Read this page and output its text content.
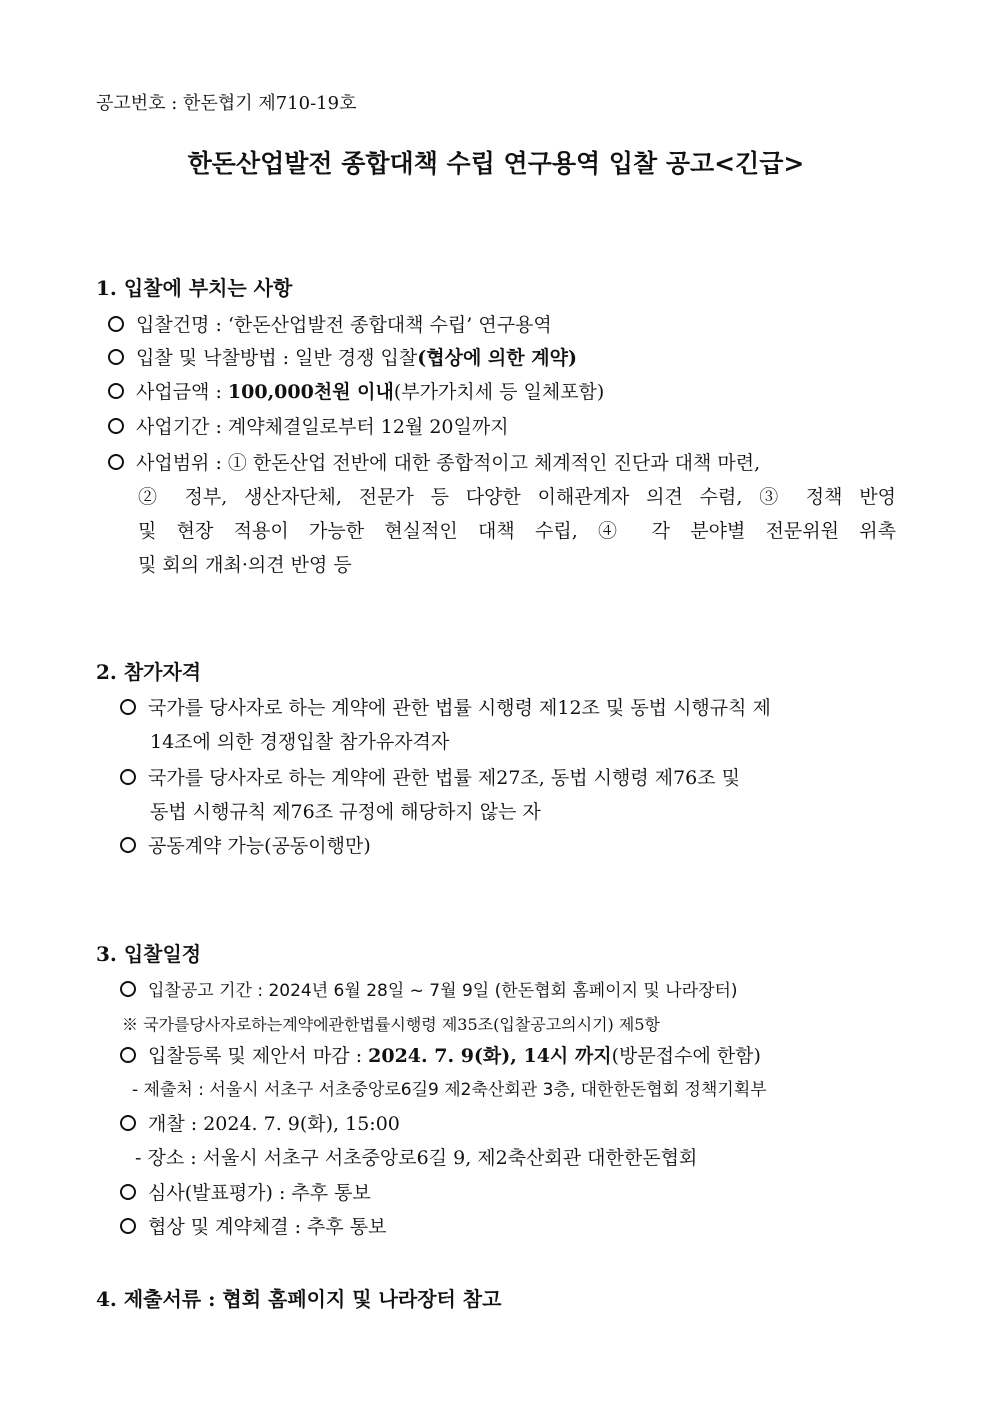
공고번호 : 한돈협기 제710-19호
한돈산업발전 종합대책 수립 연구용역 입찰 공고<긴급>
1. 입찰에 부치는 사항
입찰건명 : ‘한돈산업발전 종합대책 수립’ 연구용역
입찰 및 낙찰방법 : 일반 경쟁 입찰(협상에 의한 계약)
사업금액 : 100,000천원 이내(부가가치세 등 일체포함)
사업기간 : 계약체결일로부터 12월 20일까지
사업범위 : ① 한돈산업 전반에 대한 종합적이고 체계적인 진단과 대책 마련,
② 정부, 생산자단체, 전문가 등 다양한 이해관계자 의견 수렴, ③ 정책 반영
및 현장 적용이 가능한 현실적인 대책 수립, ④ 각 분야별 전문위원 위촉
및 회의 개최·의견 반영 등
2. 참가자격
국가를 당사자로 하는 계약에 관한 법률 시행령 제12조 및 동법 시행규칙 제
14조에 의한 경쟁입찰 참가유자격자
국가를 당사자로 하는 계약에 관한 법률 제27조, 동법 시행령 제76조 및
동법 시행규칙 제76조 규정에 해당하지 않는 자
공동계약 가능(공동이행만)
3. 입찰일정
입찰공고 기간 : 2024년 6월 28일 ~ 7월 9일 (한돈협회 홈페이지 및 나라장터)
※ 국가를당사자로하는계약에관한법률시행령 제35조(입찰공고의시기) 제5항
입찰등록 및 제안서 마감 : 2024. 7. 9(화), 14시 까지(방문접수에 한함)
- 제출처 : 서울시 서초구 서초중앙로6길9 제2축산회관 3층, 대한한돈협회 정책기획부
개찰 : 2024. 7. 9(화), 15:00
- 장소 : 서울시 서초구 서초중앙로6길 9, 제2축산회관 대한한돈협회
심사(발표평가) : 추후 통보
협상 및 계약체결 : 추후 통보
4. 제출서류 : 협회 홈페이지 및 나라장터 참고
